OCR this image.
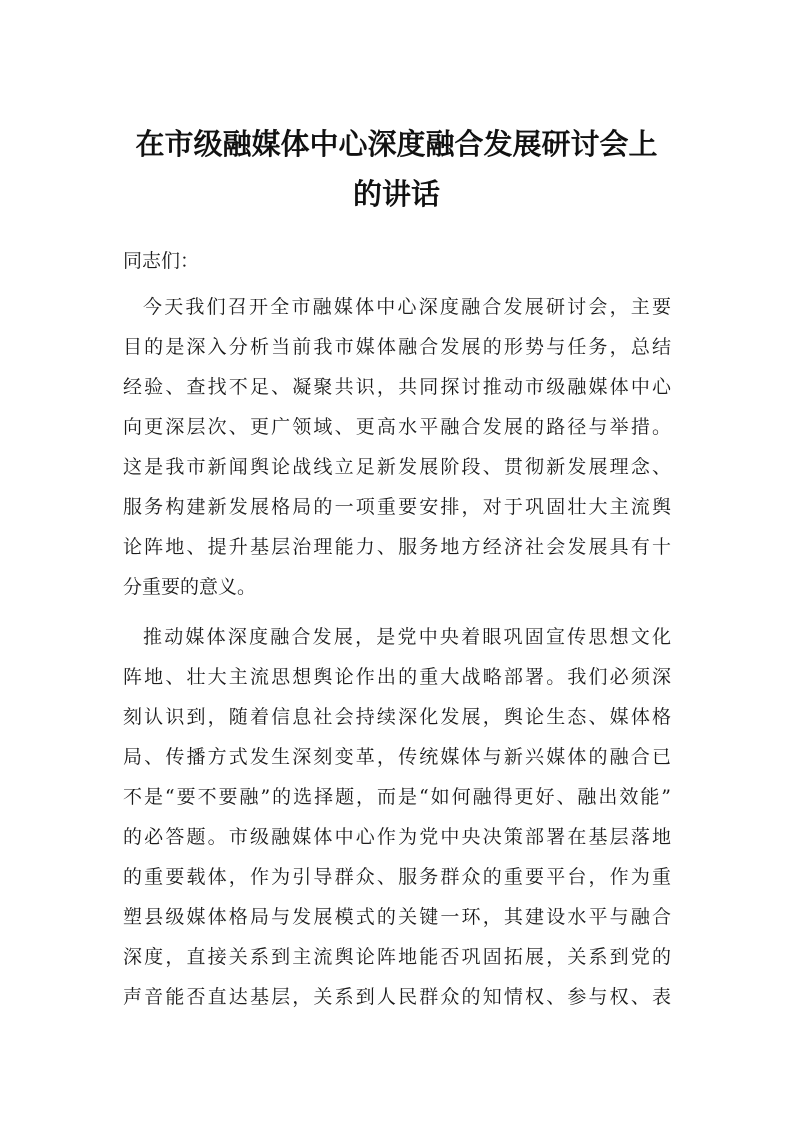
在市级融媒体中心深度融合发展研讨会上
的讲话
同志们：
今天我们召开全市融媒体中心深度融合发展研讨会，主要
目的是深入分析当前我市媒体融合发展的形势与任务，总结
经验、查找不足、凝聚共识，共同探讨推动市级融媒体中心
向更深层次、更广领域、更高水平融合发展的路径与举措。
这是我市新闻舆论战线立足新发展阶段、贯彻新发展理念、
服务构建新发展格局的一项重要安排，对于巩固壮大主流舆
论阵地、提升基层治理能力、服务地方经济社会发展具有十
分重要的意义。
推动媒体深度融合发展，是党中央着眼巩固宣传思想文化
阵地、壮大主流思想舆论作出的重大战略部署。我们必须深
刻认识到，随着信息社会持续深化发展，舆论生态、媒体格
局、传播方式发生深刻变革，传统媒体与新兴媒体的融合已
不是“要不要融”的选择题，而是“如何融得更好、融出效能”
的必答题。市级融媒体中心作为党中央决策部署在基层落地
的重要载体，作为引导群众、服务群众的重要平台，作为重
塑县级媒体格局与发展模式的关键一环，其建设水平与融合
深度，直接关系到主流舆论阵地能否巩固拓展，关系到党的
声音能否直达基层，关系到人民群众的知情权、参与权、表
